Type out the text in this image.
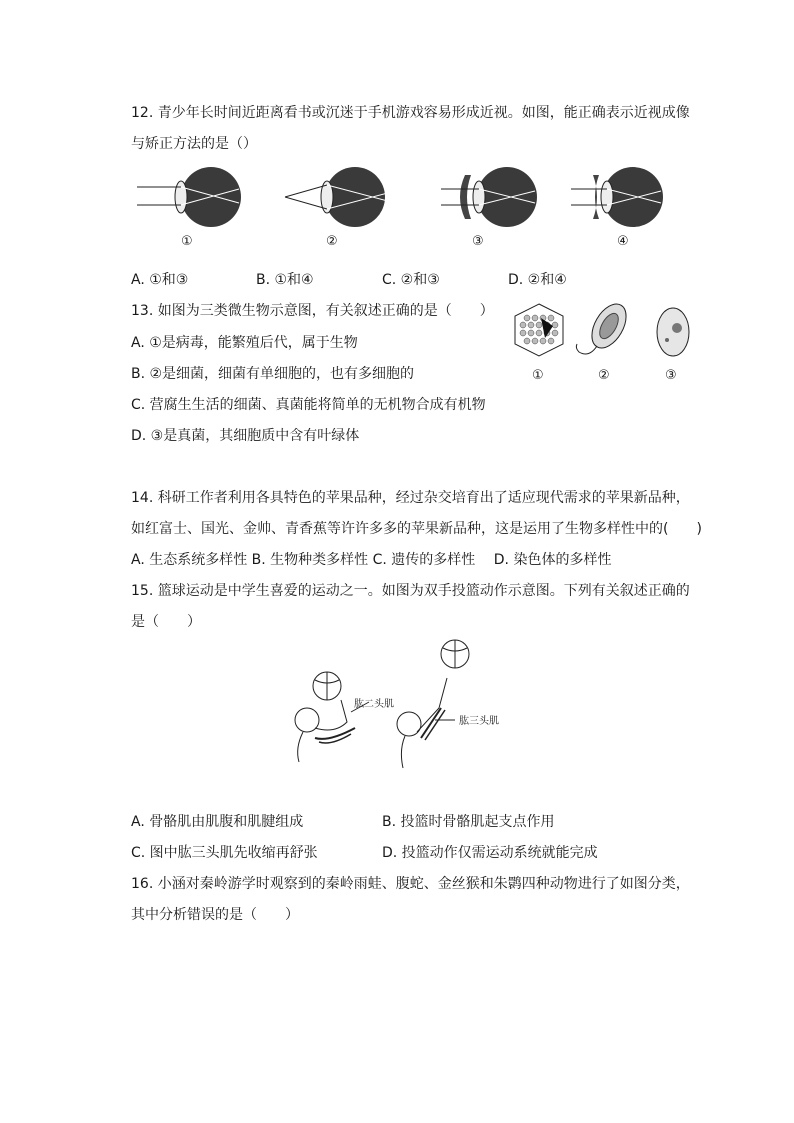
12. 青少年长时间近距离看书或沉迷于手机游戏容易形成近视。如图，能正确表示近视成像
与矫正方法的是（）
①	②	③	④
A. ①和③	B. ①和④	C. ②和③	D. ②和④
13. 如图为三类微生物示意图，有关叙述正确的是（　　）
A. ①是病毒，能繁殖后代，属于生物
B. ②是细菌，细菌有单细胞的，也有多细胞的
C. 营腐生生活的细菌、真菌能将简单的无机物合成有机物
D. ③是真菌，其细胞质中含有叶绿体
①	②	③
14. 科研工作者利用各具特色的苹果品种，经过杂交培育出了适应现代需求的苹果新品种，
如红富士、国光、金帅、青香蕉等许许多多的苹果新品种，这是运用了生物多样性中的(　　)
A. 生态系统多样性 B. 生物种类多样性 C. 遗传的多样性　 D. 染色体的多样性
15. 篮球运动是中学生喜爱的运动之一。如图为双手投篮动作示意图。下列有关叙述正确的
是（　　）
肱二头肌
肱三头肌
A. 骨骼肌由肌腹和肌腱组成	B. 投篮时骨骼肌起支点作用
C. 图中肱三头肌先收缩再舒张	D. 投篮动作仅需运动系统就能完成
16. 小涵对秦岭游学时观察到的秦岭雨蛙、腹蛇、金丝猴和朱鹮四种动物进行了如图分类，
其中分析错误的是（　　）
